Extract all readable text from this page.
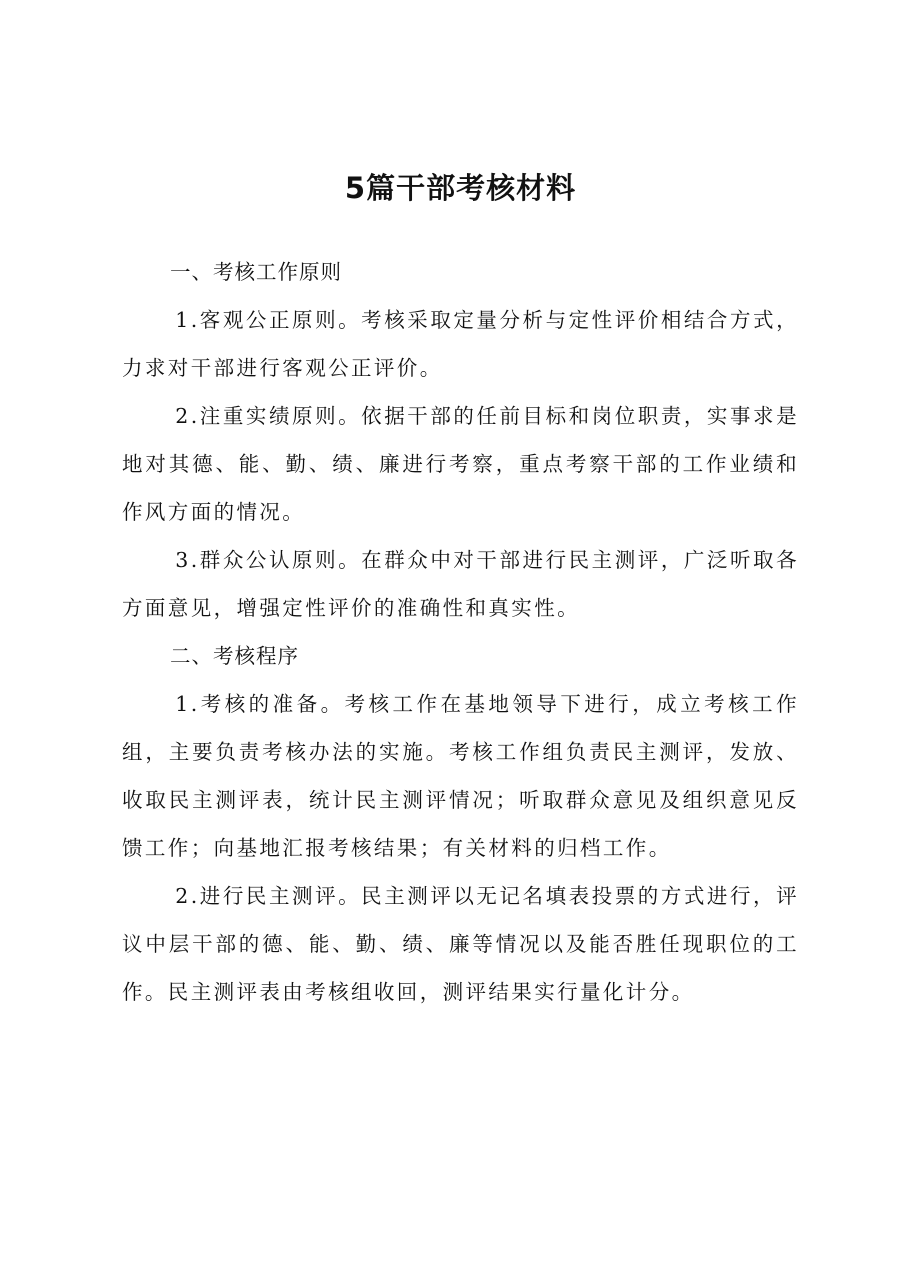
5篇干部考核材料

一、考核工作原则

1.客观公正原则。考核采取定量分析与定性评价相结合方式，力求对干部进行客观公正评价。

2.注重实绩原则。依据干部的任前目标和岗位职责，实事求是地对其德、能、勤、绩、廉进行考察，重点考察干部的工作业绩和作风方面的情况。

3.群众公认原则。在群众中对干部进行民主测评，广泛听取各方面意见，增强定性评价的准确性和真实性。

二、考核程序

1.考核的准备。考核工作在基地领导下进行，成立考核工作组，主要负责考核办法的实施。考核工作组负责民主测评，发放、收取民主测评表，统计民主测评情况；听取群众意见及组织意见反馈工作；向基地汇报考核结果；有关材料的归档工作。

2.进行民主测评。民主测评以无记名填表投票的方式进行，评议中层干部的德、能、勤、绩、廉等情况以及能否胜任现职位的工作。民主测评表由考核组收回，测评结果实行量化计分。
